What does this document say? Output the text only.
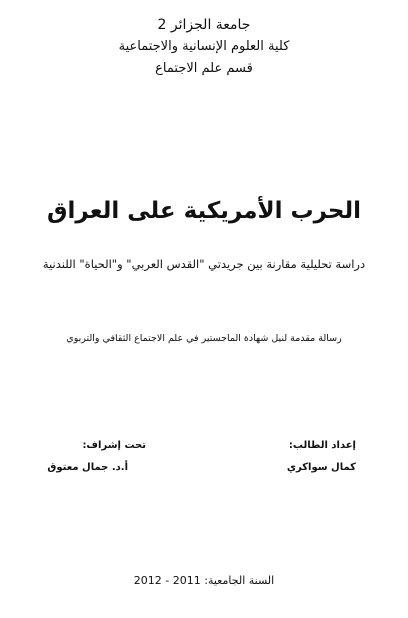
جامعة الجزائر 2
كلية العلوم الإنسانية والاجتماعية
قسم علم الاجتماع
الحرب الأمريكية على العراق
دراسة تحليلية مقارنة بين جريدتي "القدس العربي" و"الحياة" اللندنية
رسالة مقدمة لنيل شهادة الماجستير في علم الاجتماع الثقافي والتربوي
إعداد الطالب:
كمال سواكري
تحت إشراف:
أ.د. جمال معتوق
السنة الجامعية: 2011 - 2012
